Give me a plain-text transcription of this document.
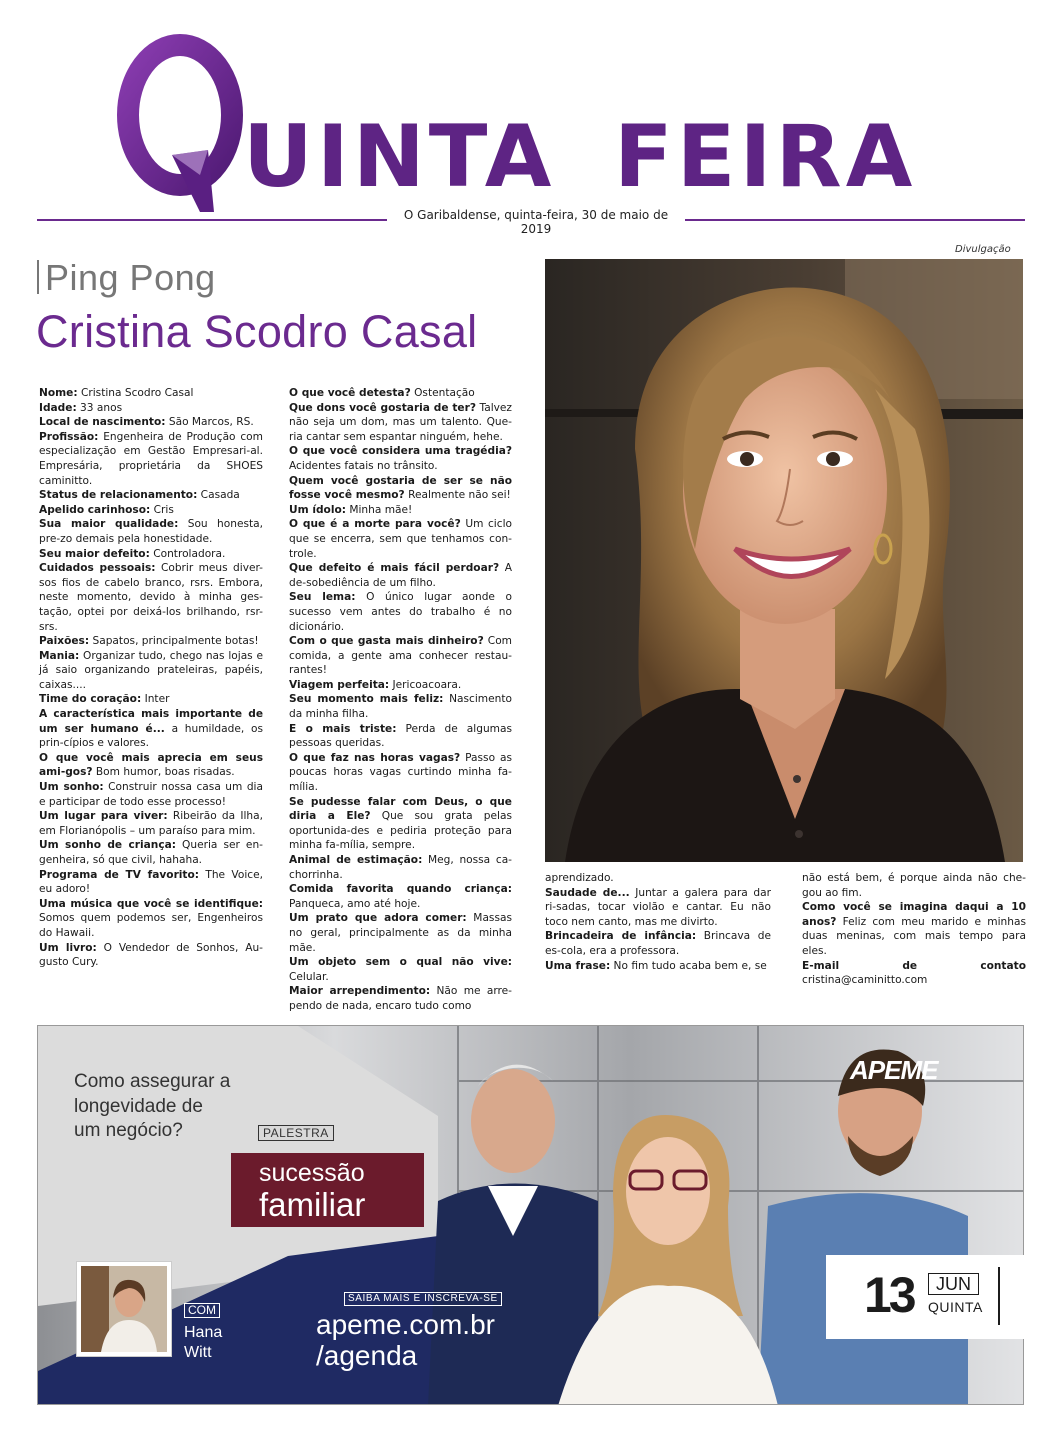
UINTA FEIRA
O Garibaldense, quinta-feira, 30 de maio de 2019
Divulgação
Ping Pong
Cristina Scodro Casal

Nome: Cristina Scodro Casal

Idade: 33 anos

Local de nascimento: São Marcos, RS.

Profissão: Engenheira de Produção com especialização em Gestão Empresari-al. Empresária, proprietária da SHOES caminitto.

Status de relacionamento: Casada

Apelido carinhoso: Cris

Sua maior qualidade: Sou honesta, pre-zo demais pela honestidade.

Seu maior defeito: Controladora.

Cuidados pessoais: Cobrir meus diver-sos fios de cabelo branco, rsrs. Embora, neste momento, devido à minha ges-tação, optei por deixá-los brilhando, rsr-srs.

Paixões: Sapatos, principalmente botas!

Mania: Organizar tudo, chego nas lojas e já saio organizando prateleiras, papéis, caixas....

Time do coração: Inter

A característica mais importante de um ser humano é... a humildade, os prin-cípios e valores.

O que você mais aprecia em seus ami-gos? Bom humor, boas risadas.

Um sonho: Construir nossa casa um dia e participar de todo esse processo!

Um lugar para viver: Ribeirão da Ilha, em Florianópolis – um paraíso para mim.

Um sonho de criança: Queria ser en-genheira, só que civil, hahaha.

Programa de TV favorito: The Voice, eu adoro!

Uma música que você se identifique: Somos quem podemos ser, Engenheiros do Hawaii.

Um livro: O Vendedor de Sonhos, Au-gusto Cury.

O que você detesta? Ostentação

Que dons você gostaria de ter? Talvez não seja um dom, mas um talento. Que-ria cantar sem espantar ninguém, hehe.

O que você considera uma tragédia? Acidentes fatais no trânsito.

Quem você gostaria de ser se não fosse você mesmo? Realmente não sei!

Um ídolo: Minha mãe!

O que é a morte para você? Um ciclo que se encerra, sem que tenhamos con-trole.

Que defeito é mais fácil perdoar? A de-sobediência de um filho.

Seu lema: O único lugar aonde o sucesso vem antes do trabalho é no dicionário.

Com o que gasta mais dinheiro? Com comida, a gente ama conhecer restau-rantes!

Viagem perfeita: Jericoacoara.

Seu momento mais feliz: Nascimento da minha filha.

E o mais triste: Perda de algumas pessoas queridas.

O que faz nas horas vagas? Passo as poucas horas vagas curtindo minha fa-mília.

Se pudesse falar com Deus, o que diria a Ele? Que sou grata pelas oportunida-des e pediria proteção para minha fa-mília, sempre.

Animal de estimação: Meg, nossa ca-chorrinha.

Comida favorita quando criança: Panqueca, amo até hoje.

Um prato que adora comer: Massas no geral, principalmente as da minha mãe.

Um objeto sem o qual não vive: Celular.

Maior arrependimento: Não me arre-pendo de nada, encaro tudo como

aprendizado.

Saudade de... Juntar a galera para dar ri-sadas, tocar violão e cantar. Eu não toco nem canto, mas me divirto.

Brincadeira de infância: Brincava de es-cola, era a professora.

Uma frase: No fim tudo acaba bem e, se

não está bem, é porque ainda não che-gou ao fim.

Como você se imagina daqui a 10 anos? Feliz com meu marido e minhas duas meninas, com mais tempo para eles.

E-mail de contato cristina@caminitto.com

Como assegurar a longevidade de um negócio?	PALESTRA
sucessão
familiar
COM
Hana
Witt
SAIBA MAIS E INSCREVA-SE
apeme.com.br
/agenda
APEME
13	JUN
QUINTA
